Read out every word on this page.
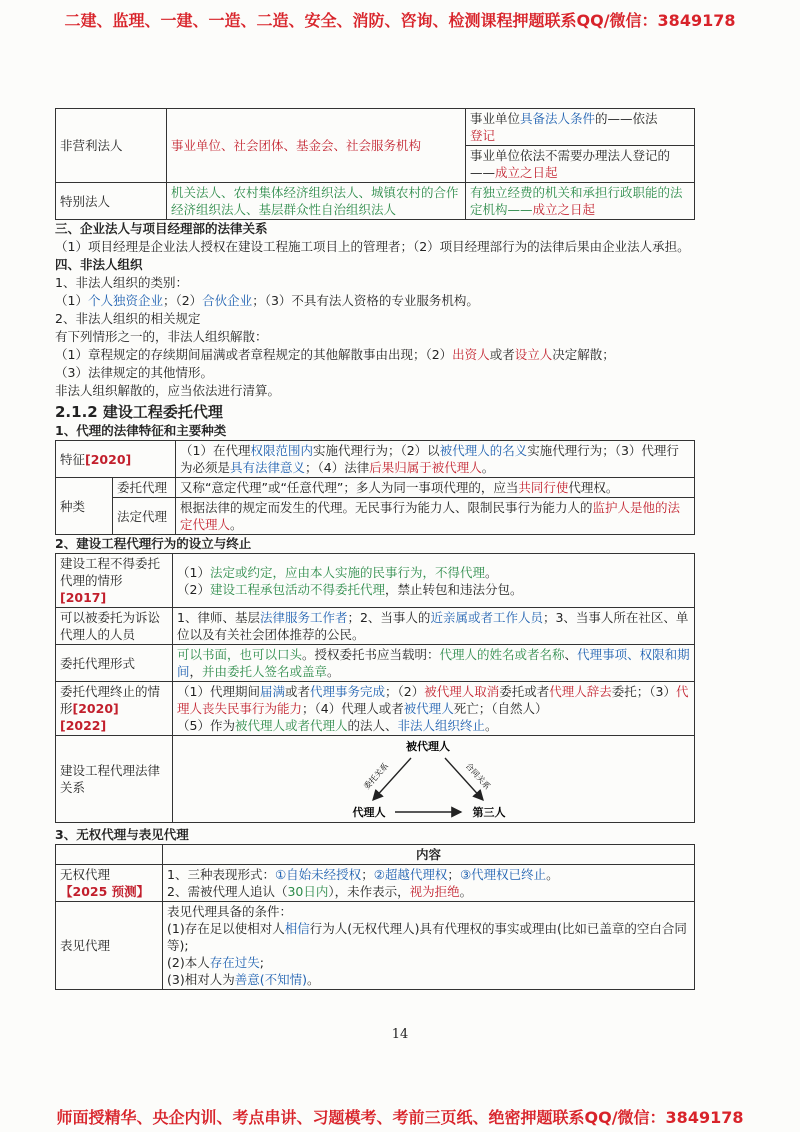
二建、监理、一建、一造、二造、安全、消防、咨询、检测课程押题联系QQ/微信：3849178
非营利法人	事业单位、社会团体、基金会、社会服务机构	事业单位具备法人条件的——依法
登记
		事业单位依法不需要办理法人登记的——成立之日起
特别法人	机关法人、农村集体经济组织法人、城镇农村的合作经济组织法人、基层群众性自治组织法人	有独立经费的机关和承担行政职能的法定机构——成立之日起

三、企业法人与项目经理部的法律关系

（1）项目经理是企业法人授权在建设工程施工项目上的管理者；（2）项目经理部行为的法律后果由企业法人承担。

四、非法人组织

1、非法人组织的类别：

（1）个人独资企业；（2）合伙企业；（3）不具有法人资格的专业服务机构。

2、非法人组织的相关规定

有下列情形之一的，非法人组织解散：

（1）章程规定的存续期间届满或者章程规定的其他解散事由出现；（2）出资人或者设立人决定解散；

（3）法律规定的其他情形。

非法人组织解散的，应当依法进行清算。

2.1.2 建设工程委托代理

1、代理的法律特征和主要种类

特征[2020]		（1）在代理权限范围内实施代理行为；（2）以被代理人的名义实施代理行为；（3）代理行为必须是具有法律意义；（4）法律后果归属于被代理人。
种类	委托代理	又称“意定代理”或“任意代理”；多人为同一事项代理的，应当共同行使代理权。
	法定代理	根据法律的规定而发生的代理。无民事行为能力人、限制民事行为能力人的监护人是他的法定代理人。

2、建设工程代理行为的设立与终止

建设工程不得委托代理的情形[2017]	（1）法定或约定，应由本人实施的民事行为，不得代理。
（2）建设工程承包活动不得委托代理，禁止转包和违法分包。
可以被委托为诉讼代理人的人员	1、律师、基层法律服务工作者；2、当事人的近亲属或者工作人员；3、当事人所在社区、单位以及有关社会团体推荐的公民。
委托代理形式	可以书面，也可以口头。授权委托书应当载明：代理人的姓名或者名称、代理事项、权限和期间，并由委托人签名或盖章。
委托代理终止的情形[2020] [2022]	（1）代理期间届满或者代理事务完成；（2）被代理人取消委托或者代理人辞去委托；（3）代理人丧失民事行为能力；（4）代理人或者被代理人死亡；（自然人）
（5）作为被代理人或者代理人的法人、非法人组织终止。
建设工程代理法律关系	被代理人
委托关系 合同关系
代理人 第三人

3、无权代理与表见代理

	内容
无权代理
【2025 预测】	1、三种表现形式：①自始未经授权；②超越代理权；③代理权已终止。
2、需被代理人追认（30日内），未作表示，视为拒绝。
表见代理	表见代理具备的条件：
(1)存在足以使相对人相信行为人(无权代理人)具有代理权的事实或理由(比如已盖章的空白合同等);
(2)本人存在过失;
(3)相对人为善意(不知情)。
14
师面授精华、央企内训、考点串讲、习题模考、考前三页纸、绝密押题联系QQ/微信：3849178
